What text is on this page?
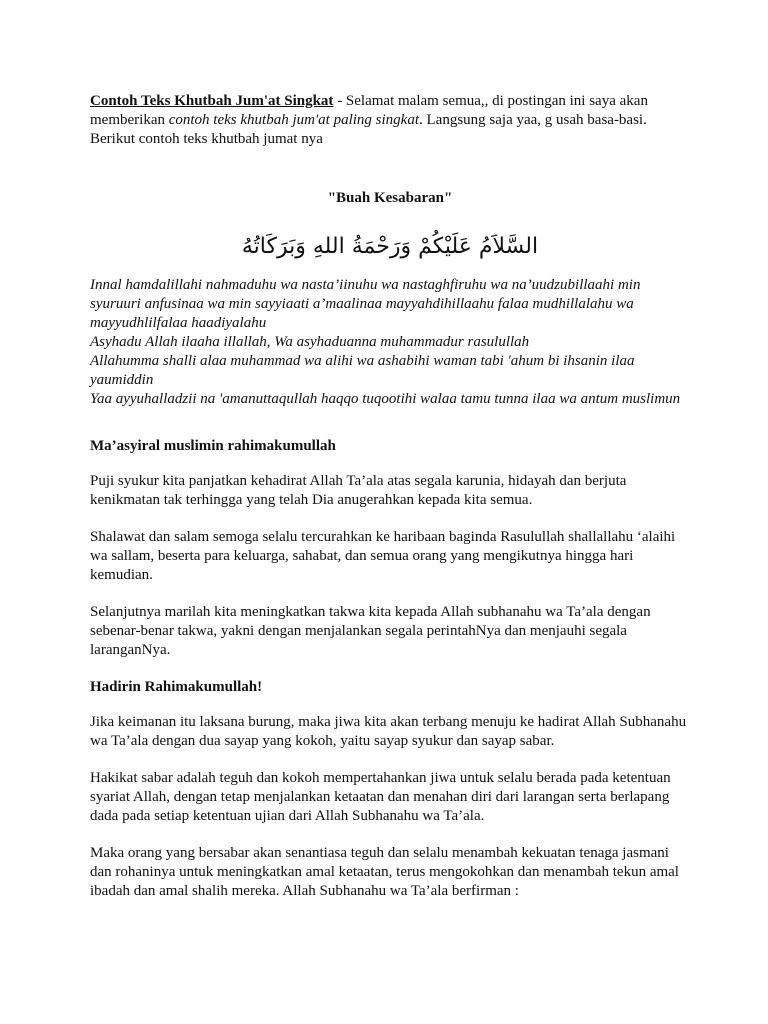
Contoh Teks Khutbah Jum'at Singkat - Selamat malam semua,, di postingan ini saya akan memberikan contoh teks khutbah jum'at paling singkat. Langsung saja yaa, g usah basa-basi. Berikut contoh teks khutbah jumat nya

"Buah Kesabaran"

السَّلاَمُ عَلَيْكُمْ وَرَحْمَةُ اللهِ وَبَرَكَاتُهُ

Innal hamdalillahi nahmaduhu wa nasta’iinuhu wa nastaghfiruhu wa na’uudzubillaahi min syuruuri anfusinaa wa min sayyiaati a’maalinaa mayyahdihillaahu falaa mudhillalahu wa mayyudhlilfalaa haadiyalahu

Asyhadu Allah ilaaha illallah, Wa asyhaduanna muhammadur rasulullah

Allahumma shalli alaa muhammad wa alihi wa ashabihi waman tabi 'ahum bi ihsanin ilaa yaumiddin

Yaa ayyuhalladzii na 'amanuttaqullah haqqo tuqootihi walaa tamu tunna ilaa wa antum muslimun

Ma’asyiral muslimin rahimakumullah

Puji syukur kita panjatkan kehadirat Allah Ta’ala atas segala karunia, hidayah dan berjuta kenikmatan tak terhingga yang telah Dia anugerahkan kepada kita semua.

Shalawat dan salam semoga selalu tercurahkan ke haribaan baginda Rasulullah shallallahu ‘alaihi wa sallam, beserta para keluarga, sahabat, dan semua orang yang mengikutnya hingga hari kemudian.

Selanjutnya marilah kita meningkatkan takwa kita kepada Allah subhanahu wa Ta’ala dengan sebenar-benar takwa, yakni dengan menjalankan segala perintahNya dan menjauhi segala laranganNya.

Hadirin Rahimakumullah!

Jika keimanan itu laksana burung, maka jiwa kita akan terbang menuju ke hadirat Allah Subhanahu wa Ta’ala dengan dua sayap yang kokoh, yaitu sayap syukur dan sayap sabar.

Hakikat sabar adalah teguh dan kokoh mempertahankan jiwa untuk selalu berada pada ketentuan syariat Allah, dengan tetap menjalankan ketaatan dan menahan diri dari larangan serta berlapang dada pada setiap ketentuan ujian dari Allah Subhanahu wa Ta’ala.

Maka orang yang bersabar akan senantiasa teguh dan selalu menambah kekuatan tenaga jasmani dan rohaninya untuk meningkatkan amal ketaatan, terus mengokohkan dan menambah tekun amal ibadah dan amal shalih mereka. Allah Subhanahu wa Ta’ala berfirman :
